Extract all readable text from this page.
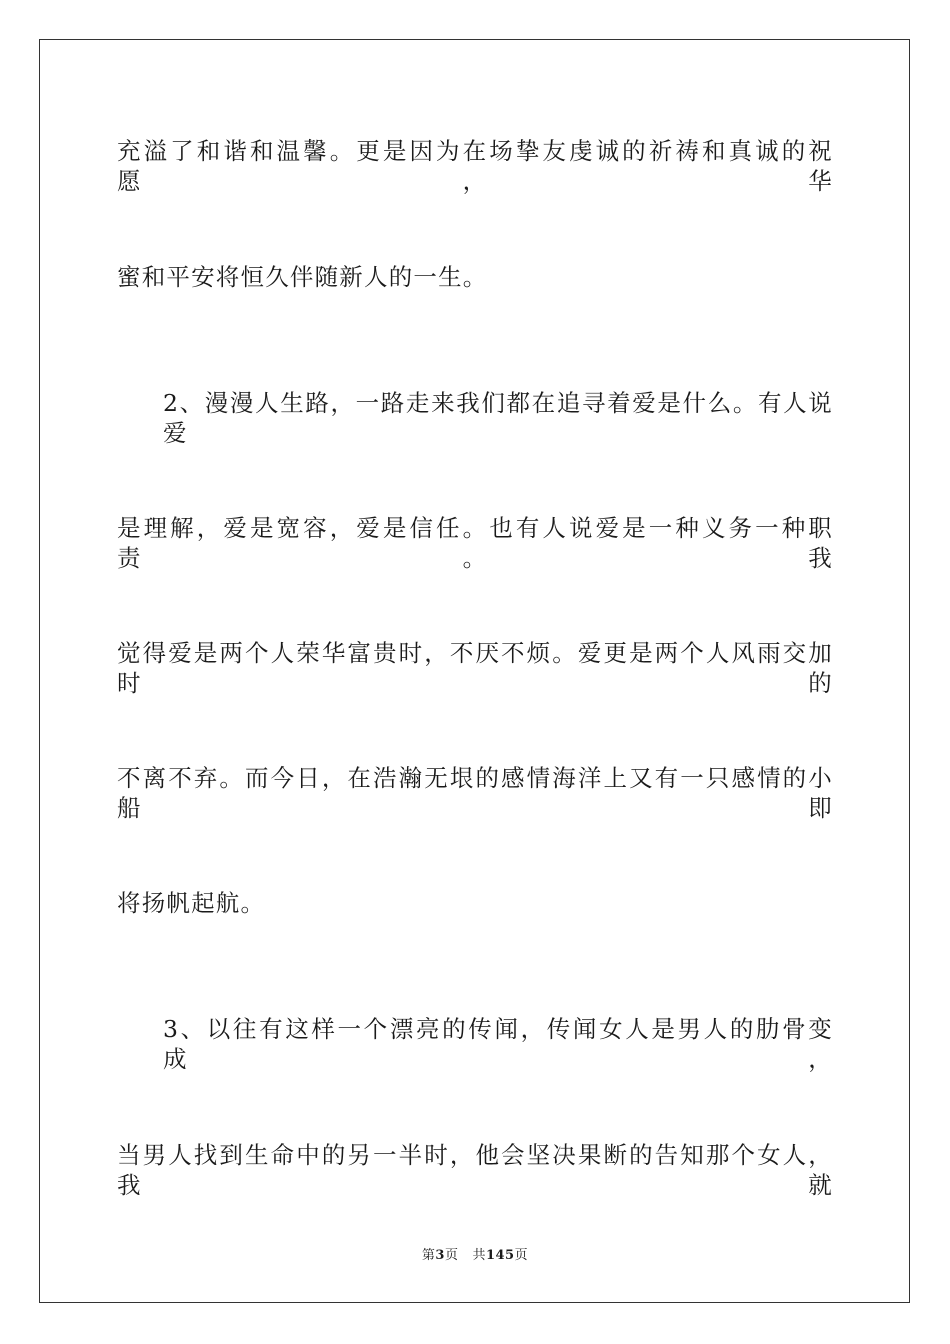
充溢了和谐和温馨。更是因为在场挚友虔诚的祈祷和真诚的祝愿，华
蜜和平安将恒久伴随新人的一生。
2、漫漫人生路，一路走来我们都在追寻着爱是什么。有人说爱
是理解，爱是宽容，爱是信任。也有人说爱是一种义务一种职责。我
觉得爱是两个人荣华富贵时，不厌不烦。爱更是两个人风雨交加时的
不离不弃。而今日，在浩瀚无垠的感情海洋上又有一只感情的小船即
将扬帆起航。
3、以往有这样一个漂亮的传闻，传闻女人是男人的肋骨变成，
当男人找到生命中的另一半时，他会坚决果断的告知那个女人，我就
第3页 共145页
